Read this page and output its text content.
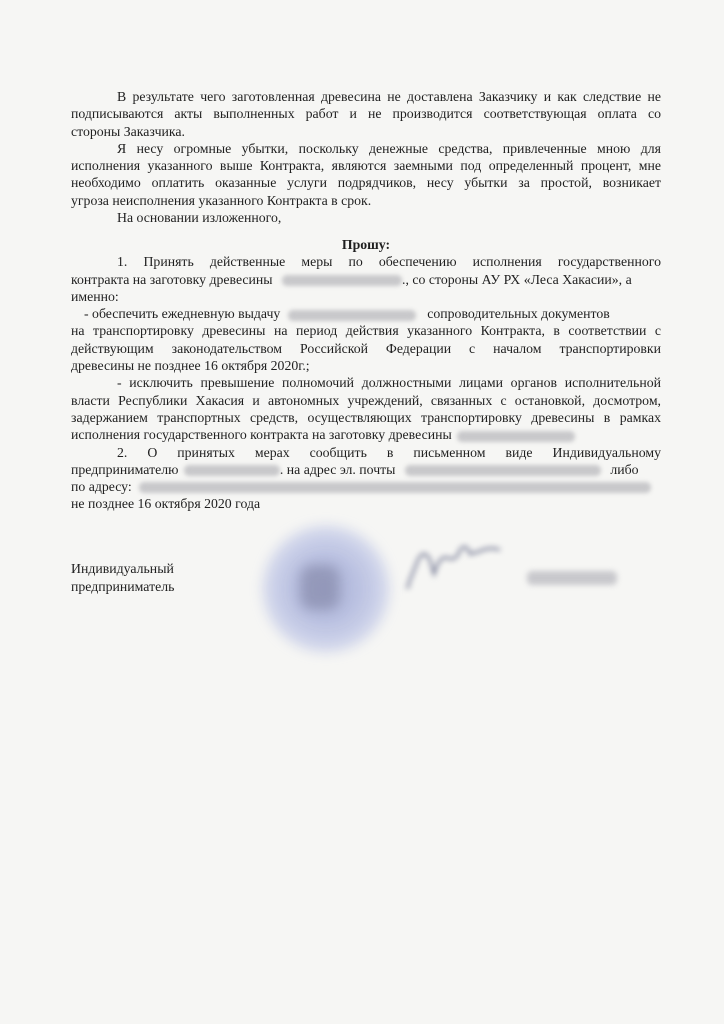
В результате чего заготовленная древесина не доставлена Заказчику и как следствие не
подписываются акты выполненных работ и не производится соответствующая оплата со
стороны Заказчика.
Я несу огромные убытки, поскольку денежные средства, привлеченные мною для
исполнения указанного выше Контракта, являются заемными под определенный процент, мне
необходимо оплатить оказанные услуги подрядчиков, несу убытки за простой, возникает
угроза неисполнения указанного Контракта в срок.
На основании изложенного,
Прошу:
1. Принять действенные меры по обеспечению исполнения государственного
контракта на заготовку древесины	., со стороны АУ РХ «Леса Хакасии», а
именно:
- обеспечить ежедневную выдачу	сопроводительных документов
на транспортировку древесины на период действия указанного Контракта, в соответствии с
действующим законодательством Российской Федерации с началом транспортировки
древесины не позднее 16 октября 2020г.;
- исключить превышение полномочий должностными лицами органов исполнительной
власти Республики Хакасия и автономных учреждений, связанных с остановкой, досмотром,
задержанием транспортных средств, осуществляющих транспортировку древесины в рамках
исполнения государственного контракта на заготовку древесины
2. О принятых мерах сообщить в письменном виде Индивидуальному
предпринимателю	. на адрес эл. почты	либо
по адресу:
не позднее 16 октября 2020 года
Индивидуальный
предприниматель
